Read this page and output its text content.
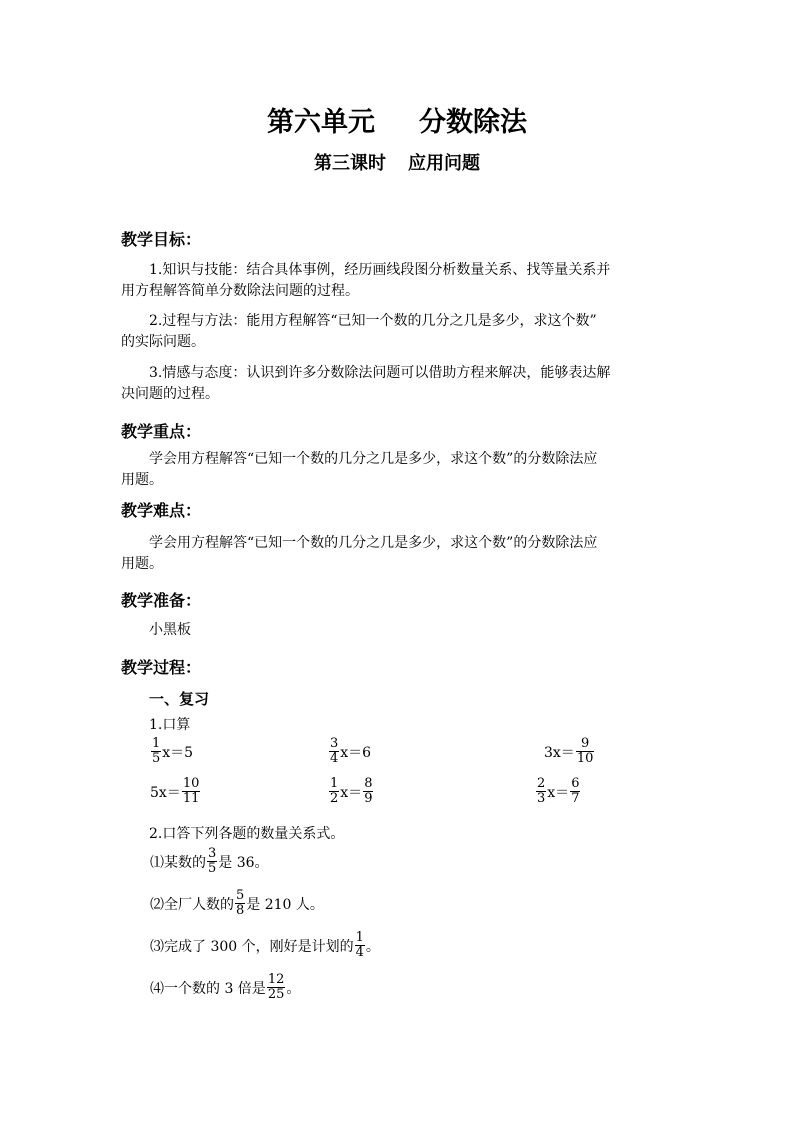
第六单元 分数除法
第三课时 应用问题
教学目标：
1.知识与技能：结合具体事例，经历画线段图分析数量关系、找等量关系并
用方程解答简单分数除法问题的过程。
2.过程与方法：能用方程解答“已知一个数的几分之几是多少，求这个数”
的实际问题。
3.情感与态度：认识到许多分数除法问题可以借助方程来解决，能够表达解
决问题的过程。
教学重点：
学会用方程解答“已知一个数的几分之几是多少，求这个数”的分数除法应
用题。
教学难点：
学会用方程解答“已知一个数的几分之几是多少，求这个数”的分数除法应
用题。
教学准备：
小黑板
教学过程：
一、复习
1.口算
$\frac{1}{5} x=5$	$\frac{3}{4} x=6$	$3x= \frac{9}{10}$
$5x= \frac{10}{11}$	$\frac{1}{2} x= \frac{8}{9}$	$\frac{2}{3} x= \frac{6}{7}$
2.口答下列各题的数量关系式。
⑴某数的 $\frac{3}{5}$ 是 36。
⑵全厂人数的 $\frac{5}{8}$ 是 210 人。
⑶完成了 300 个，刚好是计划的 $\frac{1}{4}$ 。
⑷一个数的 3 倍是 $\frac{12}{25}$ 。
